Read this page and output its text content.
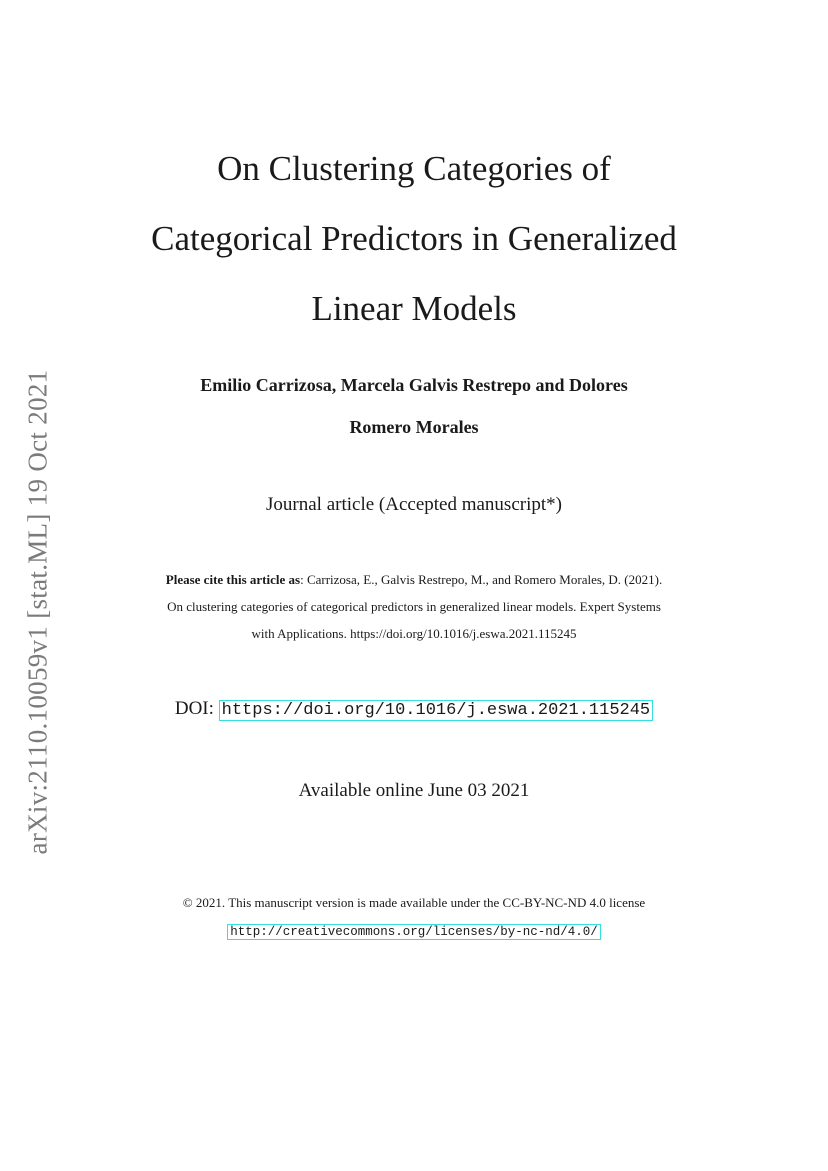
arXiv:2110.10059v1 [stat.ML] 19 Oct 2021
On Clustering Categories of
Categorical Predictors in Generalized
Linear Models
Emilio Carrizosa, Marcela Galvis Restrepo and Dolores
Romero Morales
Journal article (Accepted manuscript*)
Please cite this article as: Carrizosa, E., Galvis Restrepo, M., and Romero Morales, D. (2021).
On clustering categories of categorical predictors in generalized linear models. Expert Systems
with Applications. https://doi.org/10.1016/j.eswa.2021.115245
DOI: https://doi.org/10.1016/j.eswa.2021.115245
Available online June 03 2021
© 2021. This manuscript version is made available under the CC-BY-NC-ND 4.0 license
http://creativecommons.org/licenses/by-nc-nd/4.0/
